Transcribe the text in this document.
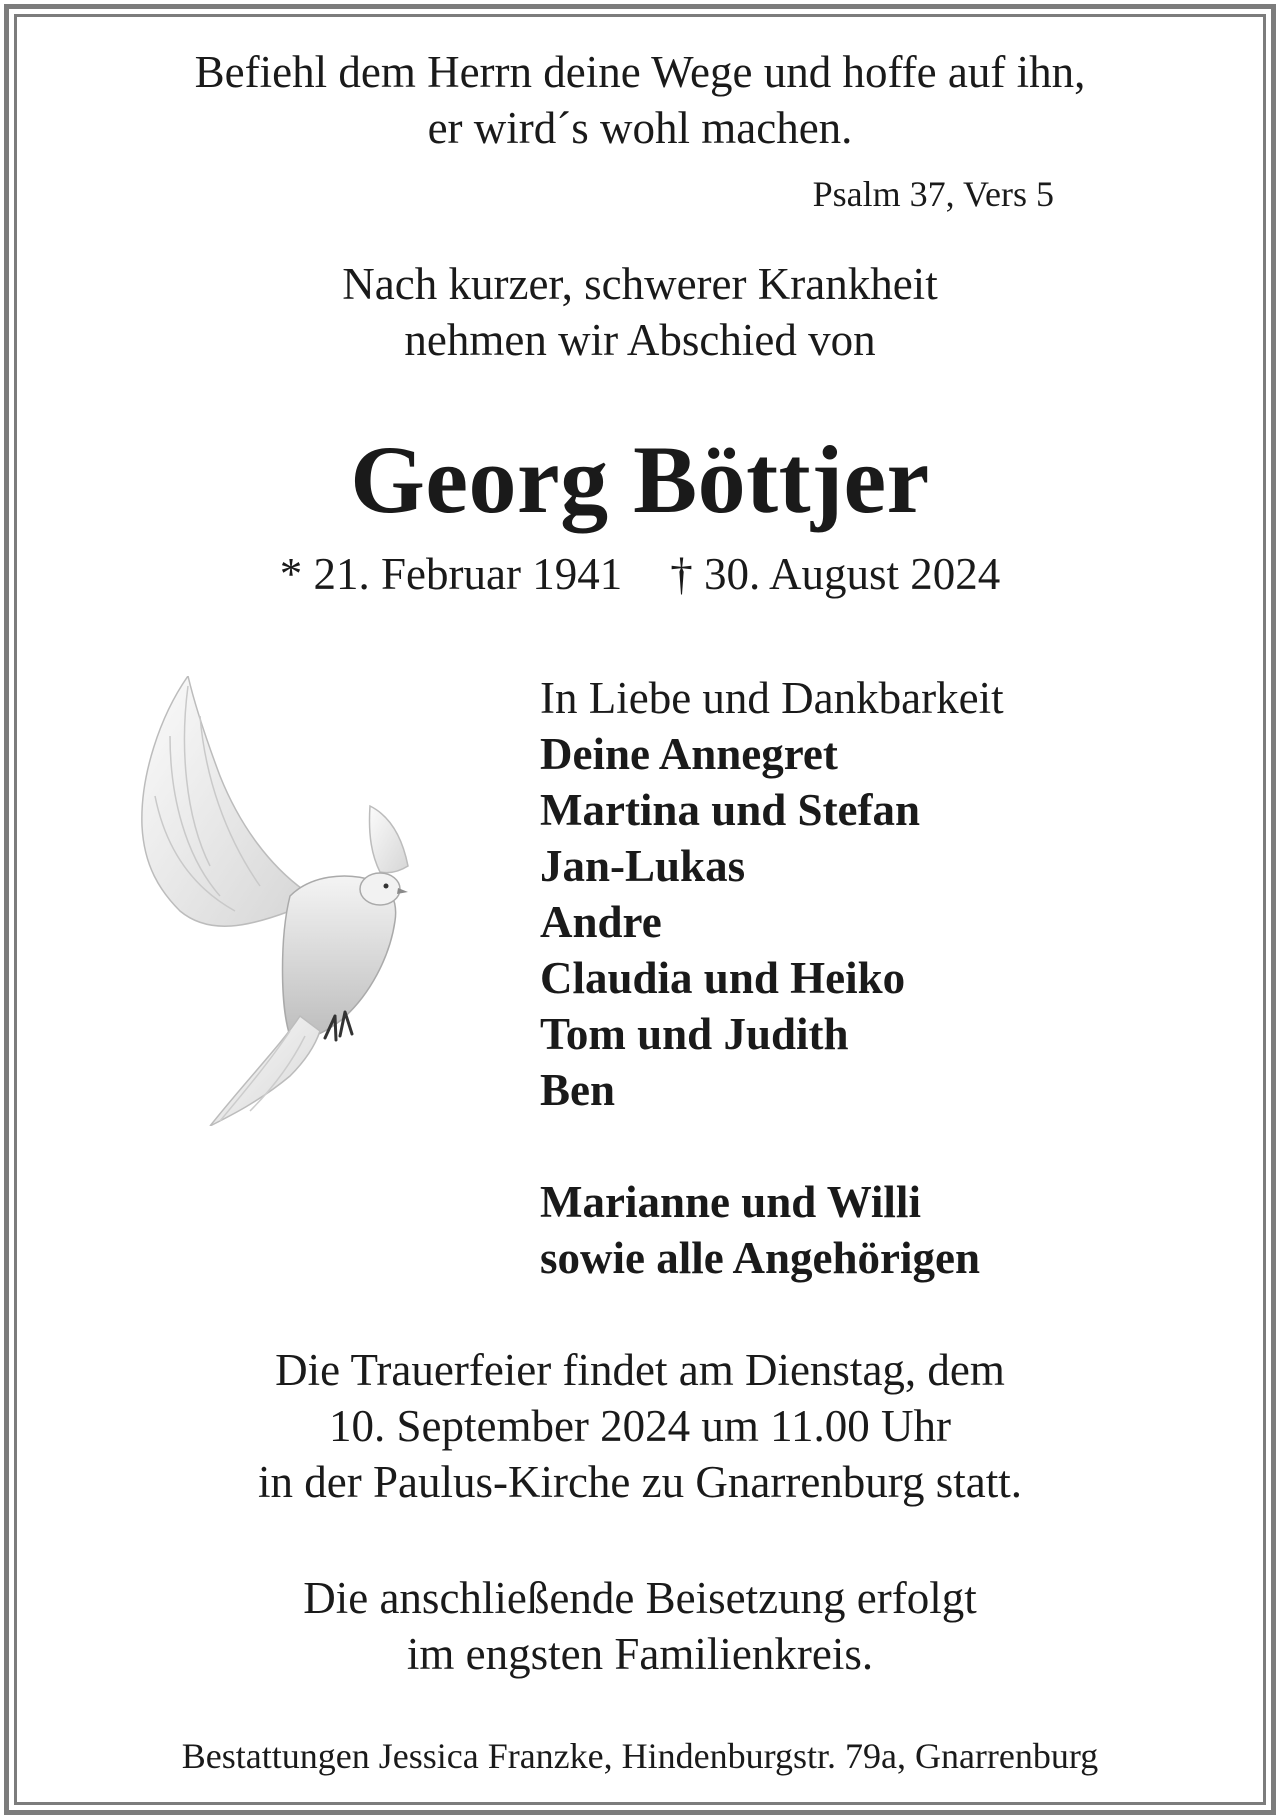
Befiehl dem Herrn deine Wege und hoffe auf ihn,
er wird´s wohl machen.
Psalm 37, Vers 5
Nach kurzer, schwerer Krankheit
nehmen wir Abschied von
Georg Böttjer
* 21. Februar 1941 † 30. August 2024
In Liebe und Dankbarkeit
Deine Annegret
Martina und Stefan
Jan-Lukas
Andre
Claudia und Heiko
Tom und Judith
Ben
Marianne und Willi
sowie alle Angehörigen
Die Trauerfeier findet am Dienstag, dem
10. September 2024 um 11.00 Uhr
in der Paulus-Kirche zu Gnarrenburg statt.
Die anschließende Beisetzung erfolgt
im engsten Familienkreis.
Bestattungen Jessica Franzke, Hindenburgstr. 79a, Gnarrenburg
